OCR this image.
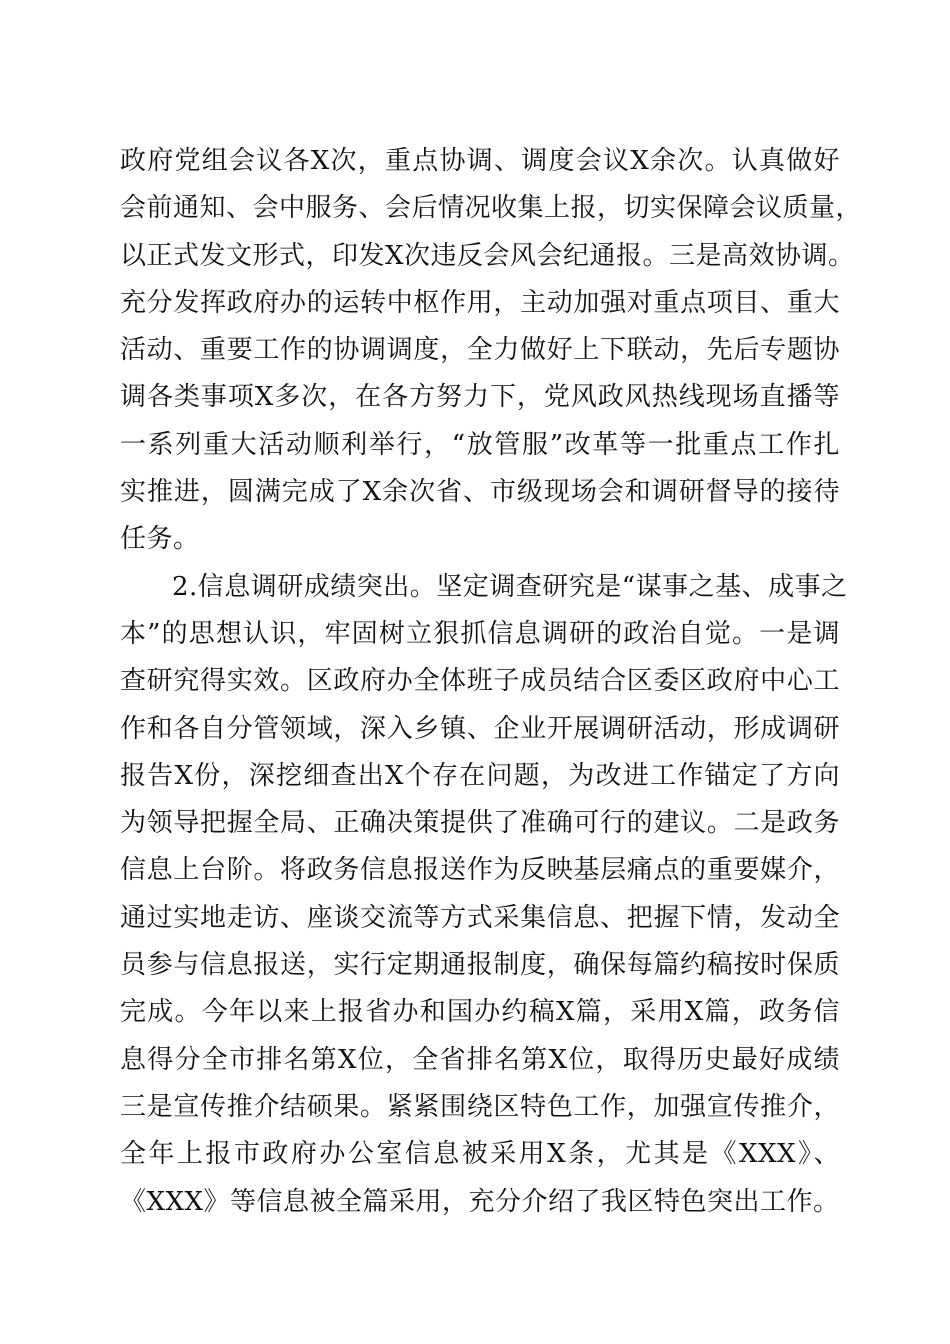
政府党组会议各X次，重点协调、调度会议X余次。认真做好
会前通知、会中服务、会后情况收集上报，切实保障会议质量，
以正式发文形式，印发X次违反会风会纪通报。三是高效协调。
充分发挥政府办的运转中枢作用，主动加强对重点项目、重大
活动、重要工作的协调调度，全力做好上下联动，先后专题协
调各类事项X多次，在各方努力下，党风政风热线现场直播等
一系列重大活动顺利举行，“放管服”改革等一批重点工作扎
实推进，圆满完成了X余次省、市级现场会和调研督导的接待
任务。
2.信息调研成绩突出。坚定调查研究是“谋事之基、成事之
本”的思想认识，牢固树立狠抓信息调研的政治自觉。一是调
查研究得实效。区政府办全体班子成员结合区委区政府中心工
作和各自分管领域，深入乡镇、企业开展调研活动，形成调研
报告X份，深挖细查出X个存在问题，为改进工作锚定了方向
为领导把握全局、正确决策提供了准确可行的建议。二是政务
信息上台阶。将政务信息报送作为反映基层痛点的重要媒介，
通过实地走访、座谈交流等方式采集信息、把握下情，发动全
员参与信息报送，实行定期通报制度，确保每篇约稿按时保质
完成。今年以来上报省办和国办约稿X篇，采用X篇，政务信
息得分全市排名第X位，全省排名第X位，取得历史最好成绩
三是宣传推介结硕果。紧紧围绕区特色工作，加强宣传推介，
全年上报市政府办公室信息被采用X条，尤其是《XXX》、
《XXX》等信息被全篇采用，充分介绍了我区特色突出工作。
